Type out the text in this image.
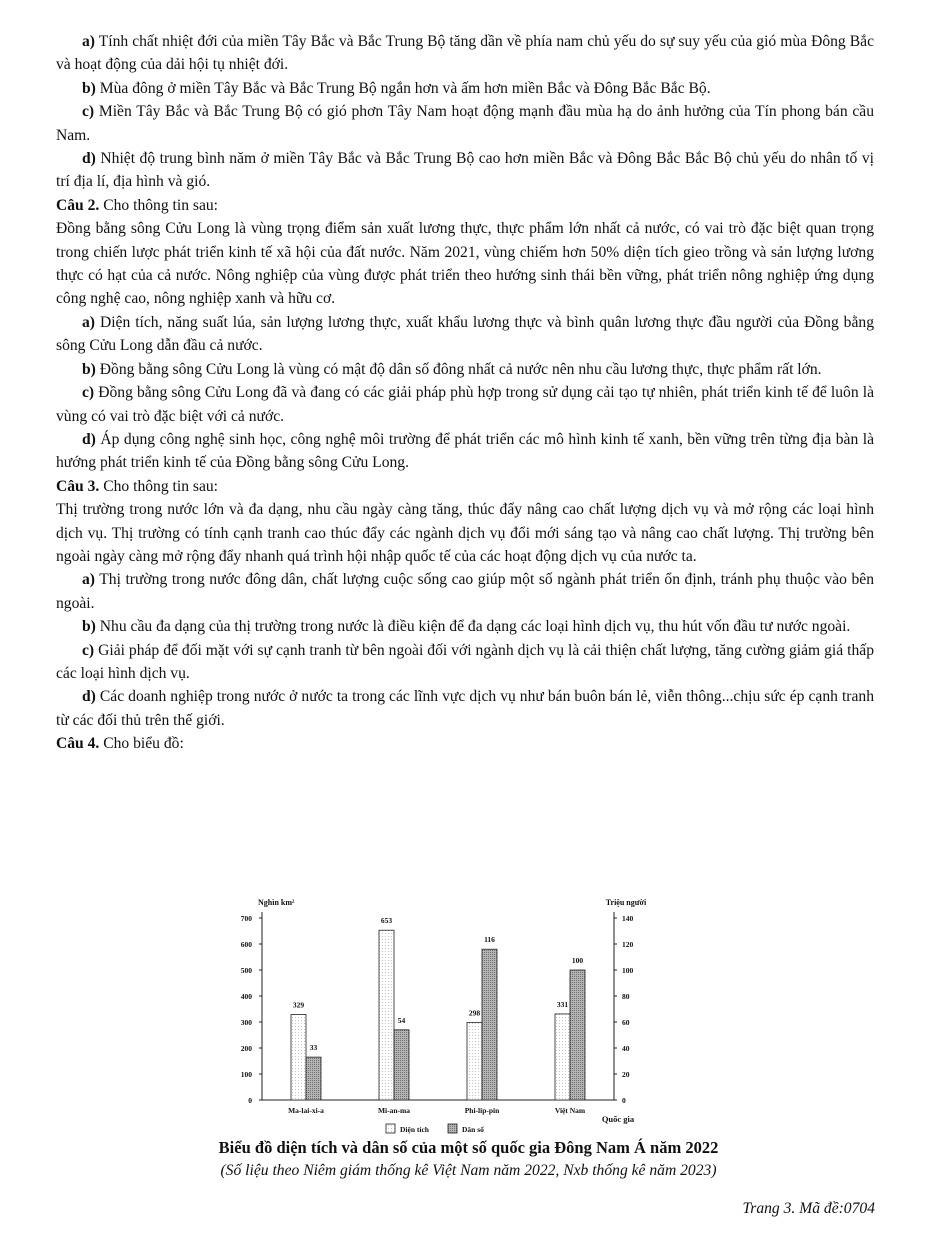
a) Tính chất nhiệt đới của miền Tây Bắc và Bắc Trung Bộ tăng dần về phía nam chủ yếu do sự suy yếu của gió mùa Đông Bắc và hoạt động của dải hội tụ nhiệt đới.

b) Mùa đông ở miền Tây Bắc và Bắc Trung Bộ ngắn hơn và ấm hơn miền Bắc và Đông Bắc Bắc Bộ.

c) Miền Tây Bắc và Bắc Trung Bộ có gió phơn Tây Nam hoạt động mạnh đầu mùa hạ do ảnh hưởng của Tín phong bán cầu Nam.

d) Nhiệt độ trung bình năm ở miền Tây Bắc và Bắc Trung Bộ cao hơn miền Bắc và Đông Bắc Bắc Bộ chủ yếu do nhân tố vị trí địa lí, địa hình và gió.

Câu 2. Cho thông tin sau:

Đồng bằng sông Cửu Long là vùng trọng điểm sản xuất lương thực, thực phẩm lớn nhất cả nước, có vai trò đặc biệt quan trọng trong chiến lược phát triển kinh tế xã hội của đất nước. Năm 2021, vùng chiếm hơn 50% diện tích gieo trồng và sản lượng lương thực có hạt của cả nước. Nông nghiệp của vùng được phát triển theo hướng sinh thái bền vững, phát triển nông nghiệp ứng dụng công nghệ cao, nông nghiệp xanh và hữu cơ.

a) Diện tích, năng suất lúa, sản lượng lương thực, xuất khẩu lương thực và bình quân lương thực đầu người của Đồng bằng sông Cửu Long dẫn đầu cả nước.

b) Đồng bằng sông Cửu Long là vùng có mật độ dân số đông nhất cả nước nên nhu cầu lương thực, thực phẩm rất lớn.

c) Đồng bằng sông Cửu Long đã và đang có các giải pháp phù hợp trong sử dụng cải tạo tự nhiên, phát triển kinh tế để luôn là vùng có vai trò đặc biệt với cả nước.

d) Áp dụng công nghệ sinh học, công nghệ môi trường để phát triển các mô hình kinh tế xanh, bền vững trên từng địa bàn là hướng phát triển kinh tế của Đồng bằng sông Cửu Long.

Câu 3. Cho thông tin sau:

Thị trường trong nước lớn và đa dạng, nhu cầu ngày càng tăng, thúc đẩy nâng cao chất lượng dịch vụ và mở rộng các loại hình dịch vụ. Thị trường có tính cạnh tranh cao thúc đẩy các ngành dịch vụ đổi mới sáng tạo và nâng cao chất lượng. Thị trường bên ngoài ngày càng mở rộng đẩy nhanh quá trình hội nhập quốc tế của các hoạt động dịch vụ của nước ta.

a) Thị trường trong nước đông dân, chất lượng cuộc sống cao giúp một số ngành phát triển ổn định, tránh phụ thuộc vào bên ngoài.

b) Nhu cầu đa dạng của thị trường trong nước là điều kiện để đa dạng các loại hình dịch vụ, thu hút vốn đầu tư nước ngoài.

c) Giải pháp để đối mặt với sự cạnh tranh từ bên ngoài đối với ngành dịch vụ là cải thiện chất lượng, tăng cường giảm giá thấp các loại hình dịch vụ.

d) Các doanh nghiệp trong nước ở nước ta trong các lĩnh vực dịch vụ như bán buôn bán lẻ, viễn thông...chịu sức ép cạnh tranh từ các đối thủ trên thế giới.

Câu 4. Cho biểu đồ:

Nghìn km²	Triệu người
Quốc gia
0
100
200
300
400
500
600
700
0
20
40
60
80
100
120
140
329
33
Ma-lai-xi-a
653
54
Mi-an-ma
298
116
Phi-lip-pin
331
100
Việt Nam
Diện tích	Dân số
Biểu đồ diện tích và dân số của một số quốc gia Đông Nam Á năm 2022
(Số liệu theo Niêm giám thống kê Việt Nam năm 2022, Nxb thống kê năm 2023)
Trang 3. Mã đề:0704
